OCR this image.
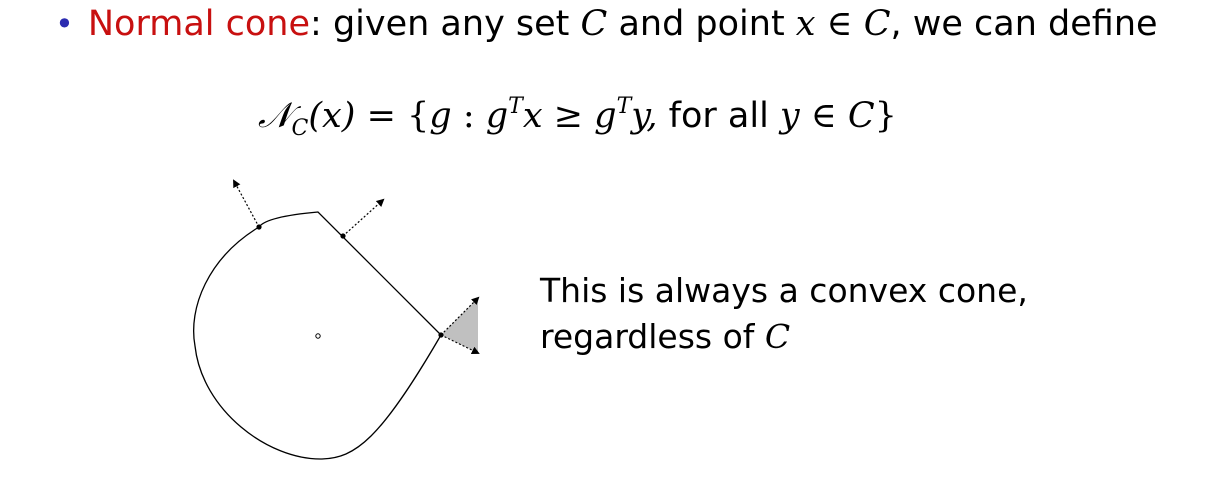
• Normal cone: given any set C and point x ∈ C, we can define
𝒩$_C$(x) = {g : $g^Tx \ge g^Ty$, for all y ∈ C}
This is always a convex cone,
regardless of C
